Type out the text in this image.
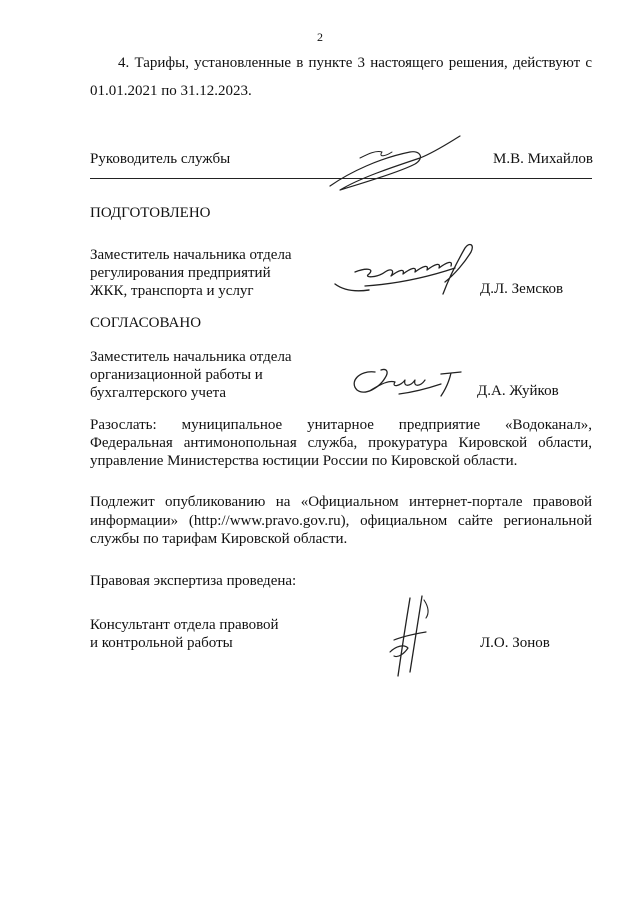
2
4. Тарифы, установленные в пункте 3 настоящего решения, действуют с
01.01.2021 по 31.12.2023.
Руководитель службы	М.В. Михайлов
ПОДГОТОВЛЕНО
Заместитель начальника отдела
регулирования предприятий
ЖКК, транспорта и услуг	Д.Л. Земсков
СОГЛАСОВАНО
Заместитель начальника отдела
организационной работы и
бухгалтерского учета	Д.А. Жуйков
Разослать: муниципальное унитарное предприятие «Водоканал»,
Федеральная антимонопольная служба, прокуратура Кировской области,
управление Министерства юстиции России по Кировской области.
Подлежит опубликованию на «Официальном интернет-портале правовой
информации» (http://www.pravo.gov.ru), официальном сайте региональной
службы по тарифам Кировской области.
Правовая экспертиза проведена:
Консультант отдела правовой
и контрольной работы	Л.О. Зонов
